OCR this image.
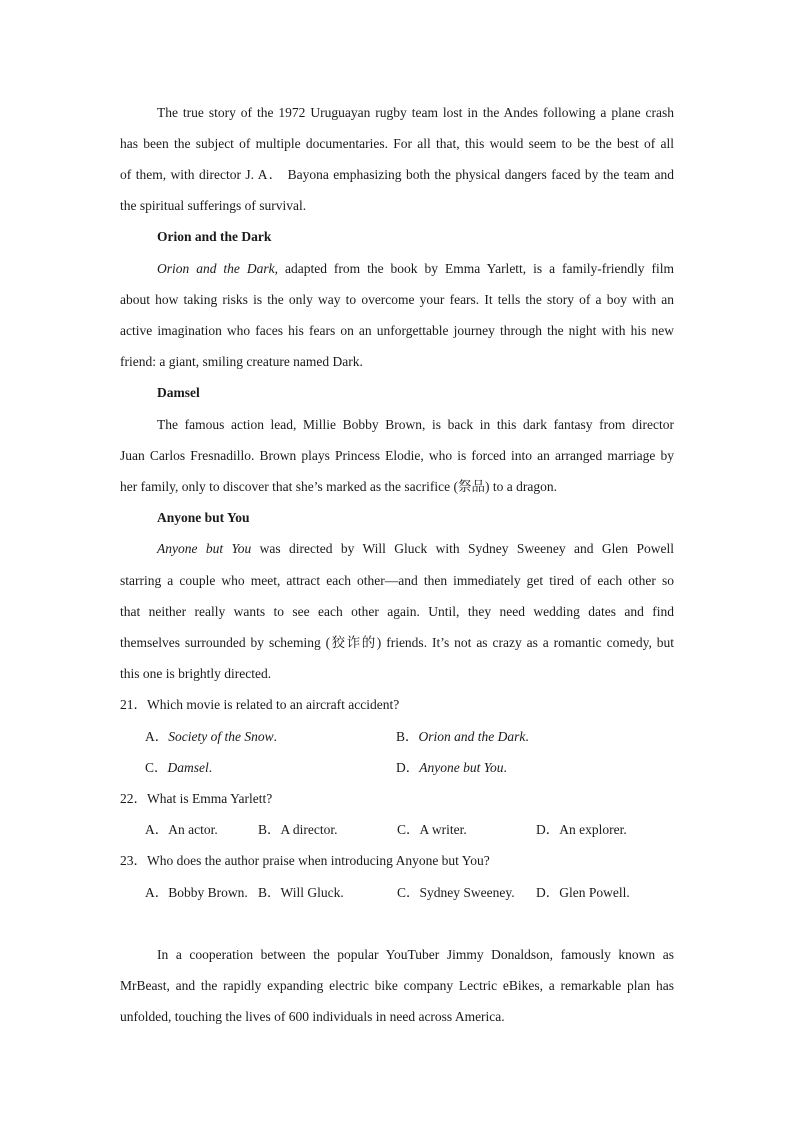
The true story of the 1972 Uruguayan rugby team lost in the Andes following a plane crash
has been the subject of multiple documentaries. For all that, this would seem to be the best of all
of them, with director J. A． Bayona emphasizing both the physical dangers faced by the team and
the spiritual sufferings of survival.
Orion and the Dark
Orion and the Dark, adapted from the book by Emma Yarlett, is a family-friendly film
about how taking risks is the only way to overcome your fears. It tells the story of a boy with an
active imagination who faces his fears on an unforgettable journey through the night with his new
friend: a giant, smiling creature named Dark.
Damsel
The famous action lead, Millie Bobby Brown, is back in this dark fantasy from director
Juan Carlos Fresnadillo. Brown plays Princess Elodie, who is forced into an arranged marriage by
her family, only to discover that she’s marked as the sacrifice (祭品) to a dragon.
Anyone but You
Anyone but You was directed by Will Gluck with Sydney Sweeney and Glen Powell
starring a couple who meet, attract each other—and then immediately get tired of each other so
that neither really wants to see each other again. Until, they need wedding dates and find
themselves surrounded by scheming (狡诈的) friends. It’s not as crazy as a romantic comedy, but
this one is brightly directed.
21．Which movie is related to an aircraft accident?
A．Society of the Snow.	B．Orion and the Dark.
C．Damsel.	D．Anyone but You.
22．What is Emma Yarlett?
A．An actor.	B．A director.	C．A writer.	D．An explorer.
23．Who does the author praise when introducing Anyone but You?
A．Bobby Brown. B．Will Gluck.	C．Sydney Sweeney. D．Glen Powell.
In a cooperation between the popular YouTuber Jimmy Donaldson, famously known as
MrBeast, and the rapidly expanding electric bike company Lectric eBikes, a remarkable plan has
unfolded, touching the lives of 600 individuals in need across America.
